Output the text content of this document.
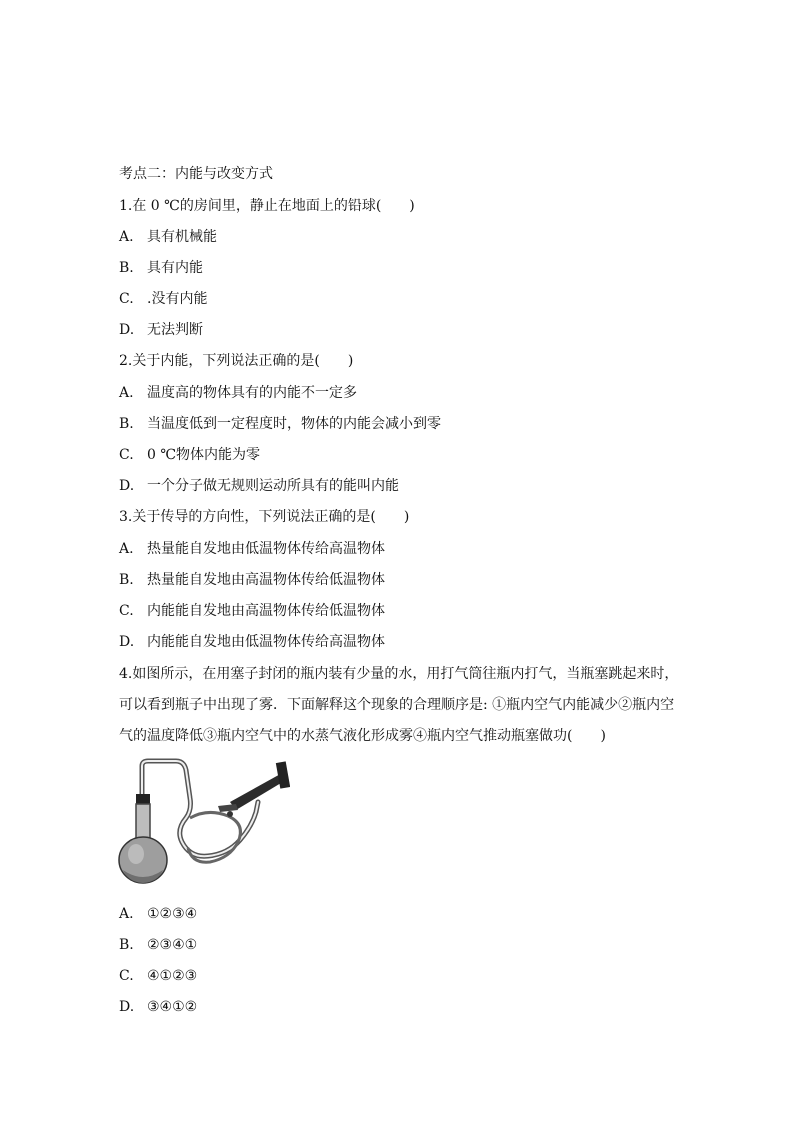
考点二：内能与改变方式
1.在 0 ℃的房间里，静止在地面上的铅球(　　)
A. 具有机械能
B. 具有内能
C. .没有内能
D. 无法判断
2.关于内能，下列说法正确的是(　　)
A. 温度高的物体具有的内能不一定多
B. 当温度低到一定程度时，物体的内能会减小到零
C. 0 ℃物体内能为零
D. 一个分子做无规则运动所具有的能叫内能
3.关于传导的方向性，下列说法正确的是(　　)
A. 热量能自发地由低温物体传给高温物体
B. 热量能自发地由高温物体传给低温物体
C. 内能能自发地由高温物体传给低温物体
D. 内能能自发地由低温物体传给高温物体
4.如图所示，在用塞子封闭的瓶内装有少量的水，用打气筒往瓶内打气，当瓶塞跳起来时，
可以看到瓶子中出现了雾．下面解释这个现象的合理顺序是: ①瓶内空气内能减少②瓶内空
气的温度降低③瓶内空气中的水蒸气液化形成雾④瓶内空气推动瓶塞做功(　　)
A. ①②③④
B. ②③④①
C. ④①②③
D. ③④①②
